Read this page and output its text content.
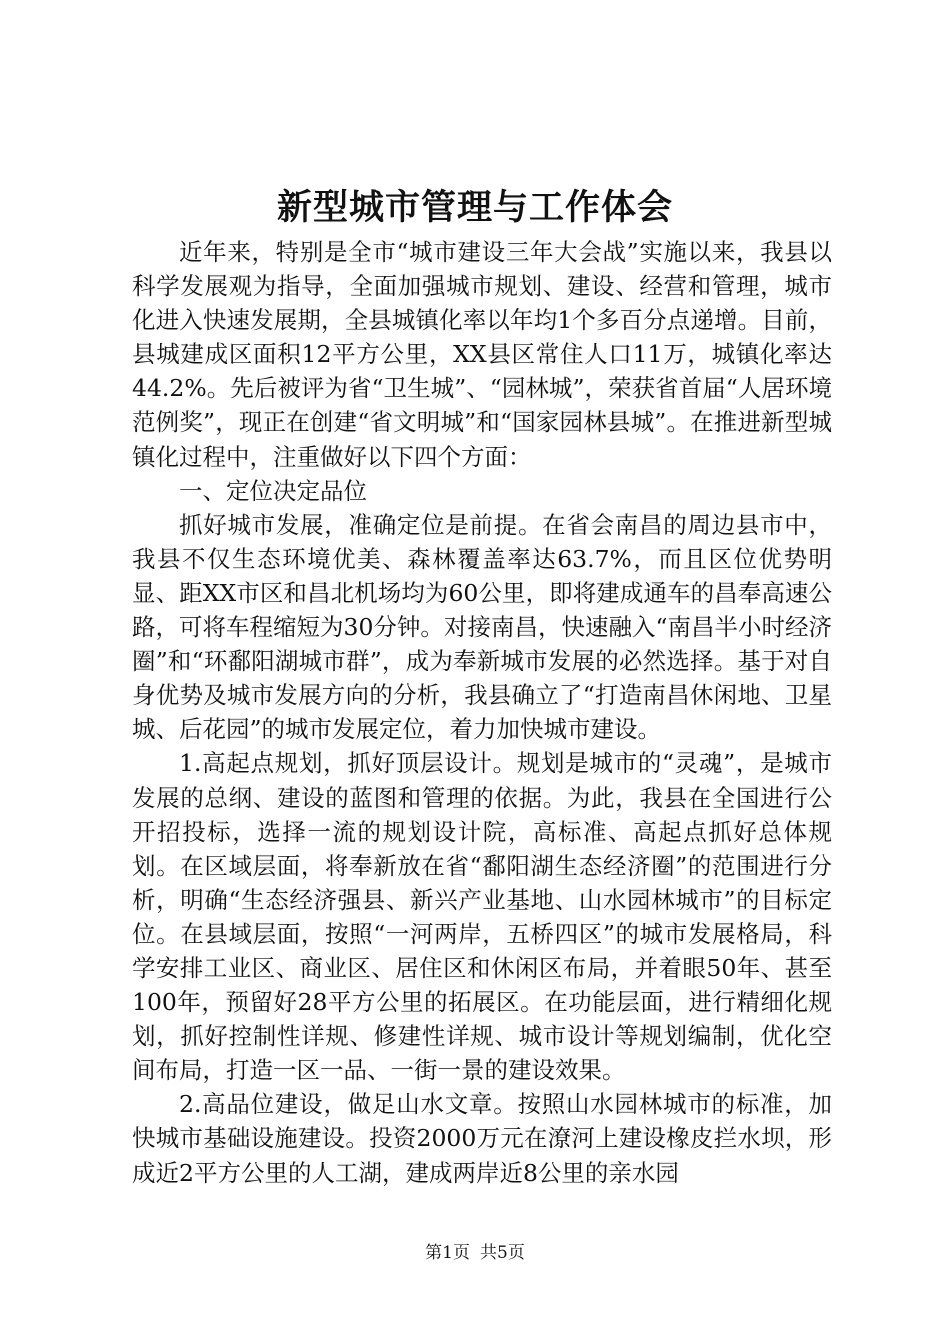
新型城市管理与工作体会

近年来，特别是全市“城市建设三年大会战”实施以来，我县以科学发展观为指导，全面加强城市规划、建设、经营和管理，城市化进入快速发展期，全县城镇化率以年均1个多百分点递增。目前，县城建成区面积12平方公里，XX县区常住人口11万，城镇化率达44.2%。先后被评为省“卫生城”、“园林城”，荣获省首届“人居环境范例奖”，现正在创建“省文明城”和“国家园林县城”。在推进新型城镇化过程中，注重做好以下四个方面：

一、定位决定品位

抓好城市发展，准确定位是前提。在省会南昌的周边县市中，我县不仅生态环境优美、森林覆盖率达63.7%，而且区位优势明显、距XX市区和昌北机场均为60公里，即将建成通车的昌奉高速公路，可将车程缩短为30分钟。对接南昌，快速融入“南昌半小时经济圈”和“环鄱阳湖城市群”，成为奉新城市发展的必然选择。基于对自身优势及城市发展方向的分析，我县确立了“打造南昌休闲地、卫星城、后花园”的城市发展定位，着力加快城市建设。

1.高起点规划，抓好顶层设计。规划是城市的“灵魂”，是城市发展的总纲、建设的蓝图和管理的依据。为此，我县在全国进行公开招投标，选择一流的规划设计院，高标准、高起点抓好总体规划。在区域层面，将奉新放在省“鄱阳湖生态经济圈”的范围进行分析，明确“生态经济强县、新兴产业基地、山水园林城市”的目标定位。在县域层面，按照“一河两岸，五桥四区”的城市发展格局，科学安排工业区、商业区、居住区和休闲区布局，并着眼50年、甚至100年，预留好28平方公里的拓展区。在功能层面，进行精细化规划，抓好控制性详规、修建性详规、城市设计等规划编制，优化空间布局，打造一区一品、一街一景的建设效果。

2.高品位建设，做足山水文章。按照山水园林城市的标准，加快城市基础设施建设。投资2000万元在潦河上建设橡皮拦水坝，形成近2平方公里的人工湖，建成两岸近8公里的亲水园

第1页 共5页
